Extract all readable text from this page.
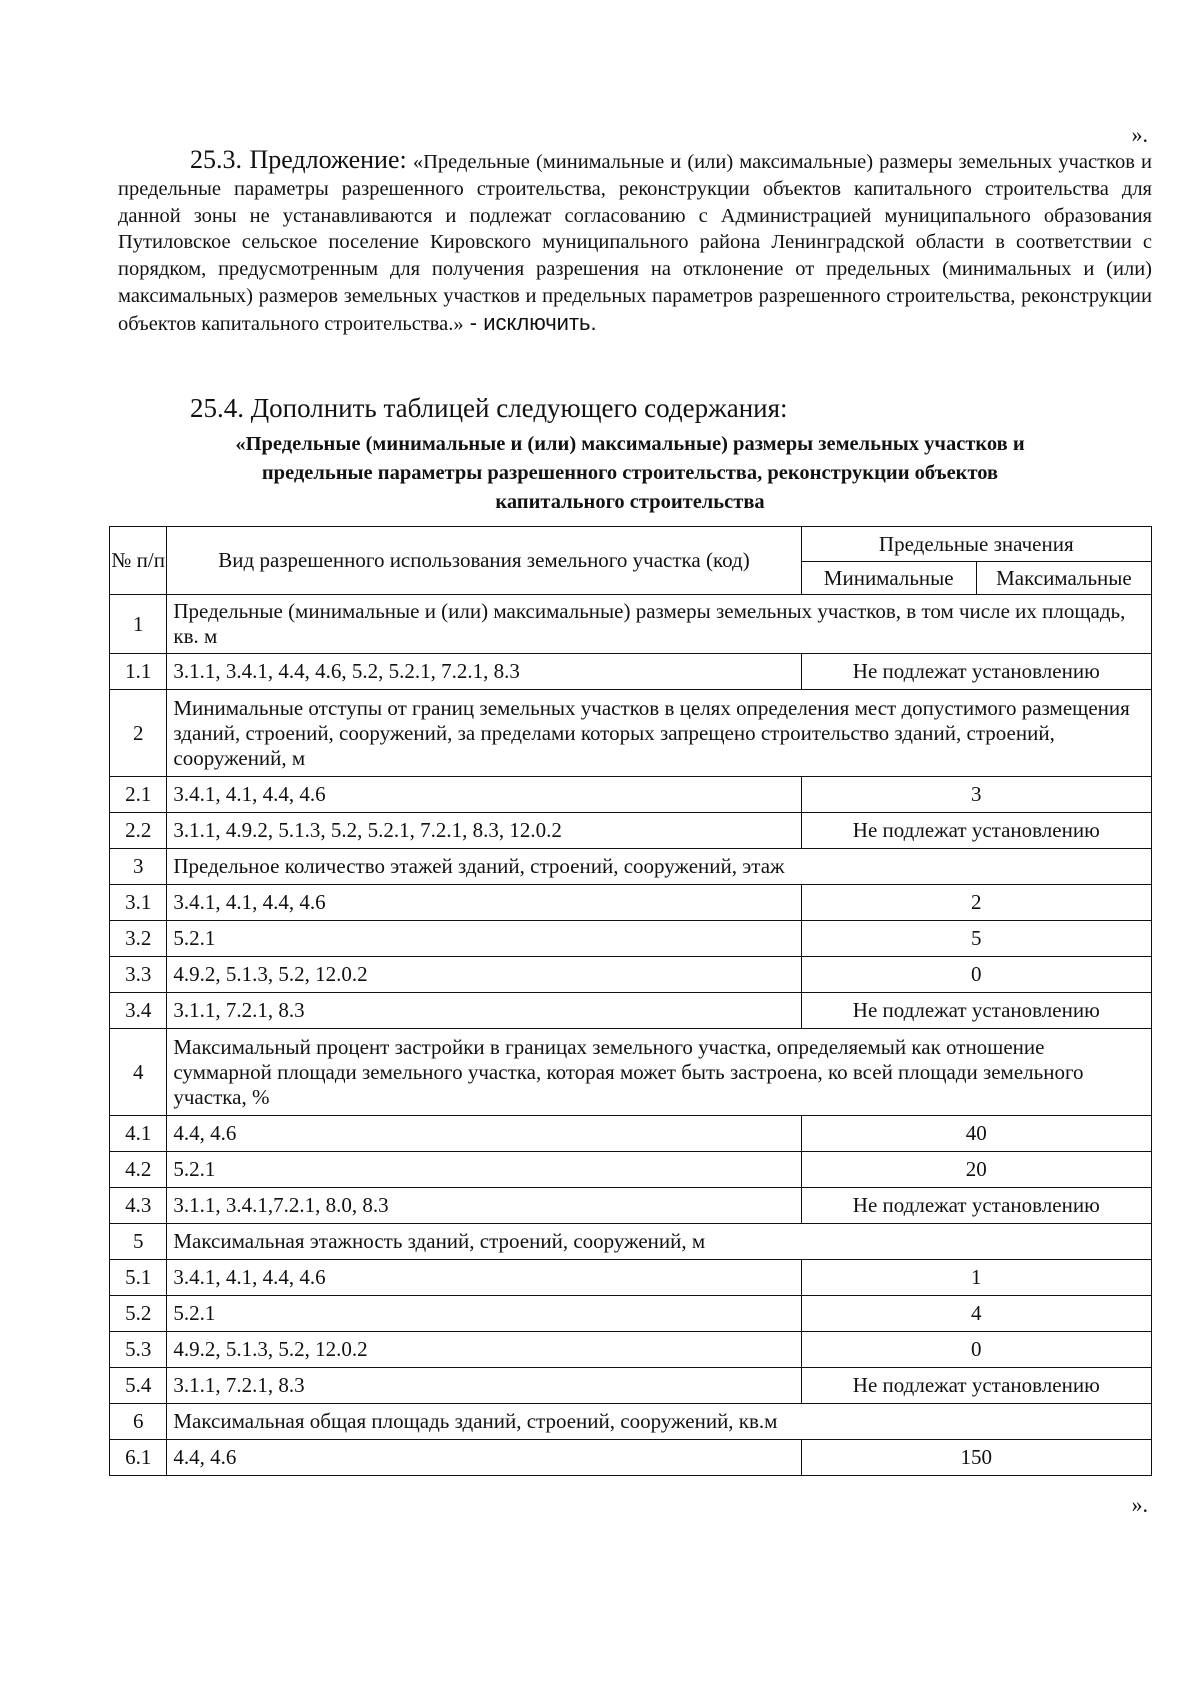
».
25.3. Предложение: «Предельные (минимальные и (или) максимальные) размеры земельных участков и предельные параметры разрешенного строительства, реконструкции объектов капитального строительства для данной зоны не устанавливаются и подлежат согласованию с Администрацией муниципального образования Путиловское сельское поселение Кировского муниципального района Ленинградской области в соответствии с порядком, предусмотренным для получения разрешения на отклонение от предельных (минимальных и (или) максимальных) размеров земельных участков и предельных параметров разрешенного строительства, реконструкции объектов капитального строительства.» - исключить.
25.4. Дополнить таблицей следующего содержания:
«Предельные (минимальные и (или) максимальные) размеры земельных участков и
предельные параметры разрешенного строительства, реконструкции объектов
капитального строительства
№ п/п	Вид разрешенного использования земельного участка (код)	Предельные значения	
		Минимальные	Максимальные
1	Предельные (минимальные и (или) максимальные) размеры земельных участков, в том числе их площадь, кв. м		
1.1	3.1.1, 3.4.1, 4.4, 4.6, 5.2, 5.2.1, 7.2.1, 8.3	Не подлежат установлению	
2	Минимальные отступы от границ земельных участков в целях определения мест допустимого размещения зданий, строений, сооружений, за пределами которых запрещено строительство зданий, строений, сооружений, м		
2.1	3.4.1, 4.1, 4.4, 4.6	3	
2.2	3.1.1, 4.9.2, 5.1.3, 5.2, 5.2.1, 7.2.1, 8.3, 12.0.2	Не подлежат установлению	
3	Предельное количество этажей зданий, строений, сооружений, этаж		
3.1	3.4.1, 4.1, 4.4, 4.6	2	
3.2	5.2.1	5	
3.3	4.9.2, 5.1.3, 5.2, 12.0.2	0	
3.4	3.1.1, 7.2.1, 8.3	Не подлежат установлению	
4	Максимальный процент застройки в границах земельного участка, определяемый как отношение суммарной площади земельного участка, которая может быть застроена, ко всей площади земельного участка, %		
4.1	4.4, 4.6	40	
4.2	5.2.1	20	
4.3	3.1.1, 3.4.1,7.2.1, 8.0, 8.3	Не подлежат установлению	
5	Максимальная этажность зданий, строений, сооружений, м		
5.1	3.4.1, 4.1, 4.4, 4.6	1	
5.2	5.2.1	4	
5.3	4.9.2, 5.1.3, 5.2, 12.0.2	0	
5.4	3.1.1, 7.2.1, 8.3	Не подлежат установлению	
6	Максимальная общая площадь зданий, строений, сооружений, кв.м		
6.1	4.4, 4.6	150	
».
